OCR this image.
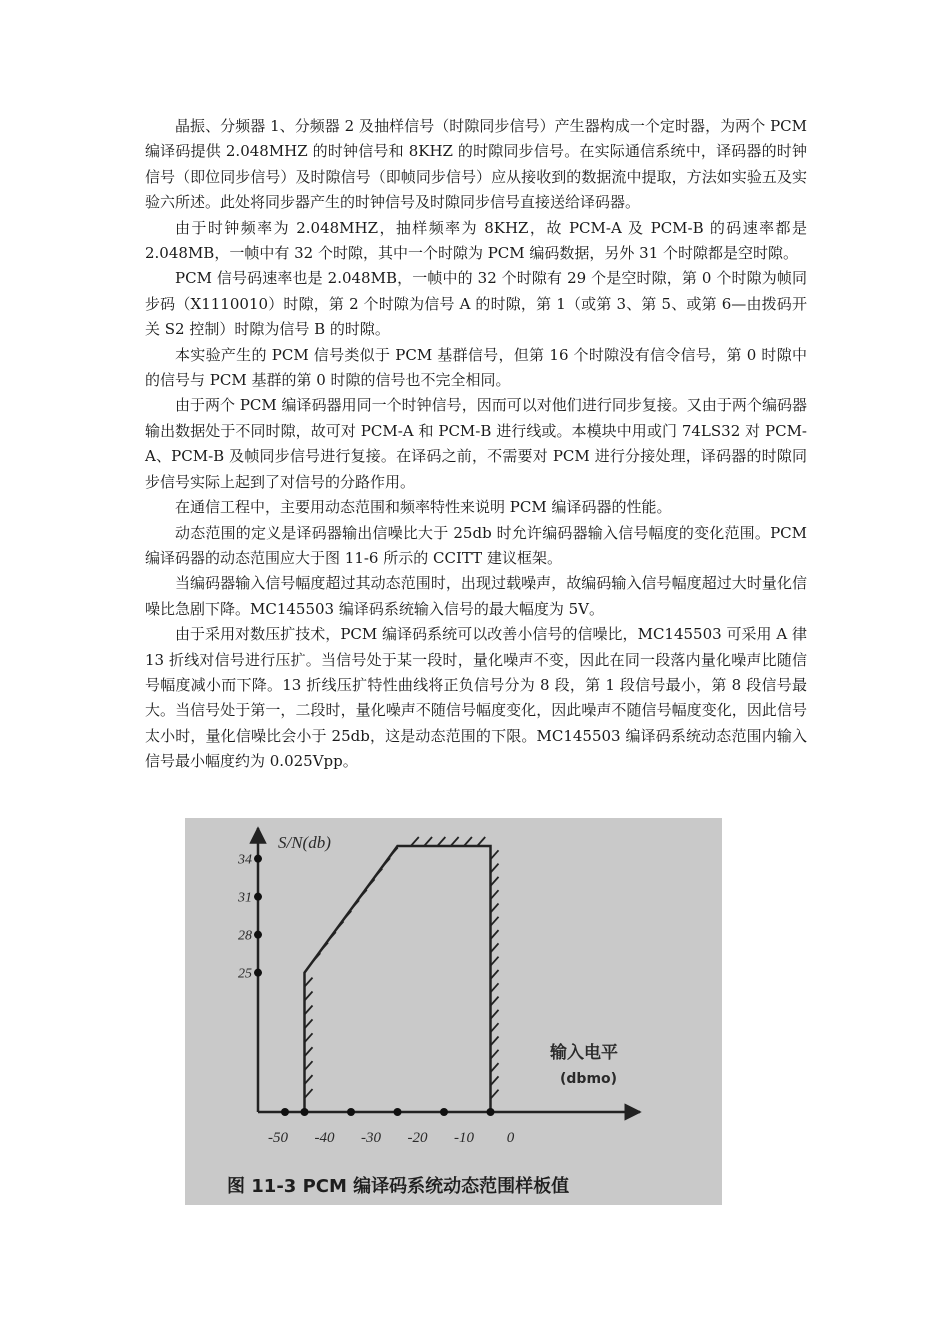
晶振、分频器 1、分频器 2 及抽样信号（时隙同步信号）产生器构成一个定时器，为两个 PCM 编译码提供 2.048MHZ 的时钟信号和 8KHZ 的时隙同步信号。在实际通信系统中，译码器的时钟信号（即位同步信号）及时隙信号（即帧同步信号）应从接收到的数据流中提取，方法如实验五及实验六所述。此处将同步器产生的时钟信号及时隙同步信号直接送给译码器。

由于时钟频率为 2.048MHZ，抽样频率为 8KHZ，故 PCM-A 及 PCM-B 的码速率都是 2.048MB，一帧中有 32 个时隙，其中一个时隙为 PCM 编码数据，另外 31 个时隙都是空时隙。

PCM 信号码速率也是 2.048MB，一帧中的 32 个时隙有 29 个是空时隙，第 0 个时隙为帧同步码（X1110010）时隙，第 2 个时隙为信号 A 的时隙，第 1（或第 3、第 5、或第 6—由拨码开关 S2 控制）时隙为信号 B 的时隙。

本实验产生的 PCM 信号类似于 PCM 基群信号，但第 16 个时隙没有信令信号，第 0 时隙中的信号与 PCM 基群的第 0 时隙的信号也不完全相同。

由于两个 PCM 编译码器用同一个时钟信号，因而可以对他们进行同步复接。又由于两个编码器输出数据处于不同时隙，故可对 PCM-A 和 PCM-B 进行线或。本模块中用或门 74LS32 对 PCM-A、PCM-B 及帧同步信号进行复接。在译码之前，不需要对 PCM 进行分接处理，译码器的时隙同步信号实际上起到了对信号的分路作用。

在通信工程中，主要用动态范围和频率特性来说明 PCM 编译码器的性能。

动态范围的定义是译码器输出信噪比大于 25db 时允许编码器输入信号幅度的变化范围。PCM 编译码器的动态范围应大于图 11-6 所示的 CCITT 建议框架。

当编码器输入信号幅度超过其动态范围时，出现过载噪声，故编码输入信号幅度超过大时量化信噪比急剧下降。MC145503 编译码系统输入信号的最大幅度为 5V。

由于采用对数压扩技术，PCM 编译码系统可以改善小信号的信噪比，MC145503 可采用 A 律 13 折线对信号进行压扩。当信号处于某一段时，量化噪声不变，因此在同一段落内量化噪声比随信号幅度减小而下降。13 折线压扩特性曲线将正负信号分为 8 段，第 1 段信号最小，第 8 段信号最大。当信号处于第一，二段时，量化噪声不随信号幅度变化，因此噪声不随信号幅度变化，因此信号太小时，量化信噪比会小于 25db，这是动态范围的下限。MC145503 编译码系统动态范围内输入信号最小幅度约为 0.025Vpp。

S/N(db)
25
28
31
34
-50 -40 -30 -20 -10 0
输入电平
(dbmo)
图 11-3 PCM 编译码系统动态范围样板值
